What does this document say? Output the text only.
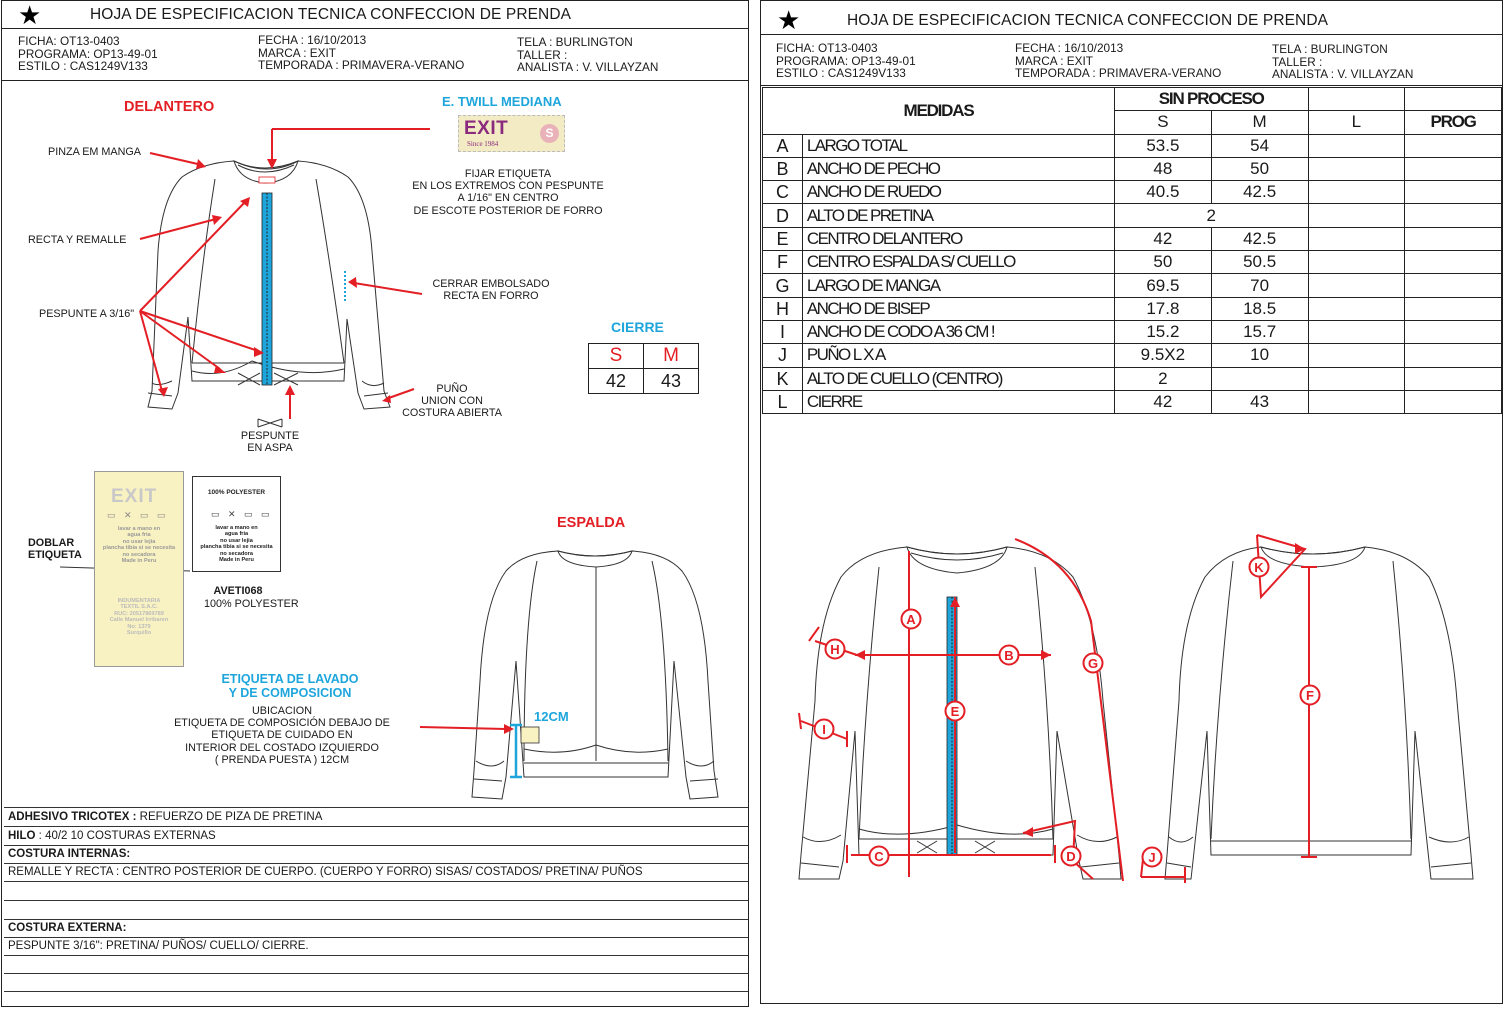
★	HOJA DE ESPECIFICACION TECNICA CONFECCION DE PRENDA
FICHA: OT13-0403
PROGRAMA: OP13-49-01
ESTILO : CAS1249V133
FECHA : 16/10/2013
MARCA : EXIT
TEMPORADA : PRIMAVERA-VERANO
TELA : BURLINGTON
TALLER :
ANALISTA : V. VILLAYZAN
DELANTERO	E. TWILL MEDIANA
EXIT
Since 1984
S
FIJAR ETIQUETA
EN LOS EXTREMOS CON PESPUNTE
A 1/16" EN CENTRO
DE ESCOTE POSTERIOR DE FORRO
PINZA EM MANGA
RECTA Y REMALLE
PESPUNTE A 3/16"
CERRAR EMBOLSADO
RECTA EN FORRO
PUÑO
UNION CON
COSTURA ABIERTA
PESPUNTE
EN ASPA
CIERRE
S	M
42	43
DOBLAR
ETIQUETA
EXIT
▭ ✕ ▭ ▭
lavar a mano en
agua fria
no usar lejia
plancha tibia si se necesita
no secadora
Made in Peru
INDUMENTARIA
TEXTIL S.A.C.
RUC: 20517869789
Calle Manuel Irribaren
No: 1379
Surquillo
100% POLYESTER
▭ ✕ ▭ ▭
lavar a mano en
agua fria
no usar lejia
plancha tibia si se necesita
no secadora
Made in Peru
AVETI068
100% POLYESTER
ETIQUETA DE LAVADO
Y DE COMPOSICION
UBICACION
ETIQUETA DE COMPOSICIÓN DEBAJO DE
ETIQUETA DE CUIDADO EN
INTERIOR DEL COSTADO IZQUIERDO
( PRENDA PUESTA ) 12CM
ESPALDA
12CM
ADHESIVO TRICOTEX : REFUERZO DE PIZA DE PRETINA
HILO : 40/2 10 COSTURAS EXTERNAS
COSTURA INTERNAS:
REMALLE Y RECTA : CENTRO POSTERIOR DE CUERPO. (CUERPO Y FORRO) SISAS/ COSTADOS/ PRETINA/ PUÑOS
COSTURA EXTERNA:
PESPUNTE 3/16": PRETINA/ PUÑOS/ CUELLO/ CIERRE.
★	HOJA DE ESPECIFICACION TECNICA CONFECCION DE PRENDA
FICHA: OT13-0403
PROGRAMA: OP13-49-01
ESTILO : CAS1249V133
FECHA : 16/10/2013
MARCA : EXIT
TEMPORADA : PRIMAVERA-VERANO
TELA : BURLINGTON
TALLER :
ANALISTA : V. VILLAYZAN
MEDIDAS		SIN PROCESO			
		S	M	L	PROG
A	LARGO TOTAL	53.5	54		
B	ANCHO DE PECHO	48	50		
C	ANCHO DE RUEDO	40.5	42.5		
D	ALTO DE PRETINA	2			
E	CENTRO DELANTERO	42	42.5		
F	CENTRO ESPALDA S/ CUELLO	50	50.5		
G	LARGO DE MANGA	69.5	70		
H	ANCHO DE BISEP	17.8	18.5		
I	ANCHO DE CODO A 36 CM !	15.2	15.7		
J	PUÑO L X A	9.5X2	10		
K	ALTO DE CUELLO (CENTRO)	2			
L	CIERRE	42	43		
A
B
C	D
E
F
G
H
I
J
K
